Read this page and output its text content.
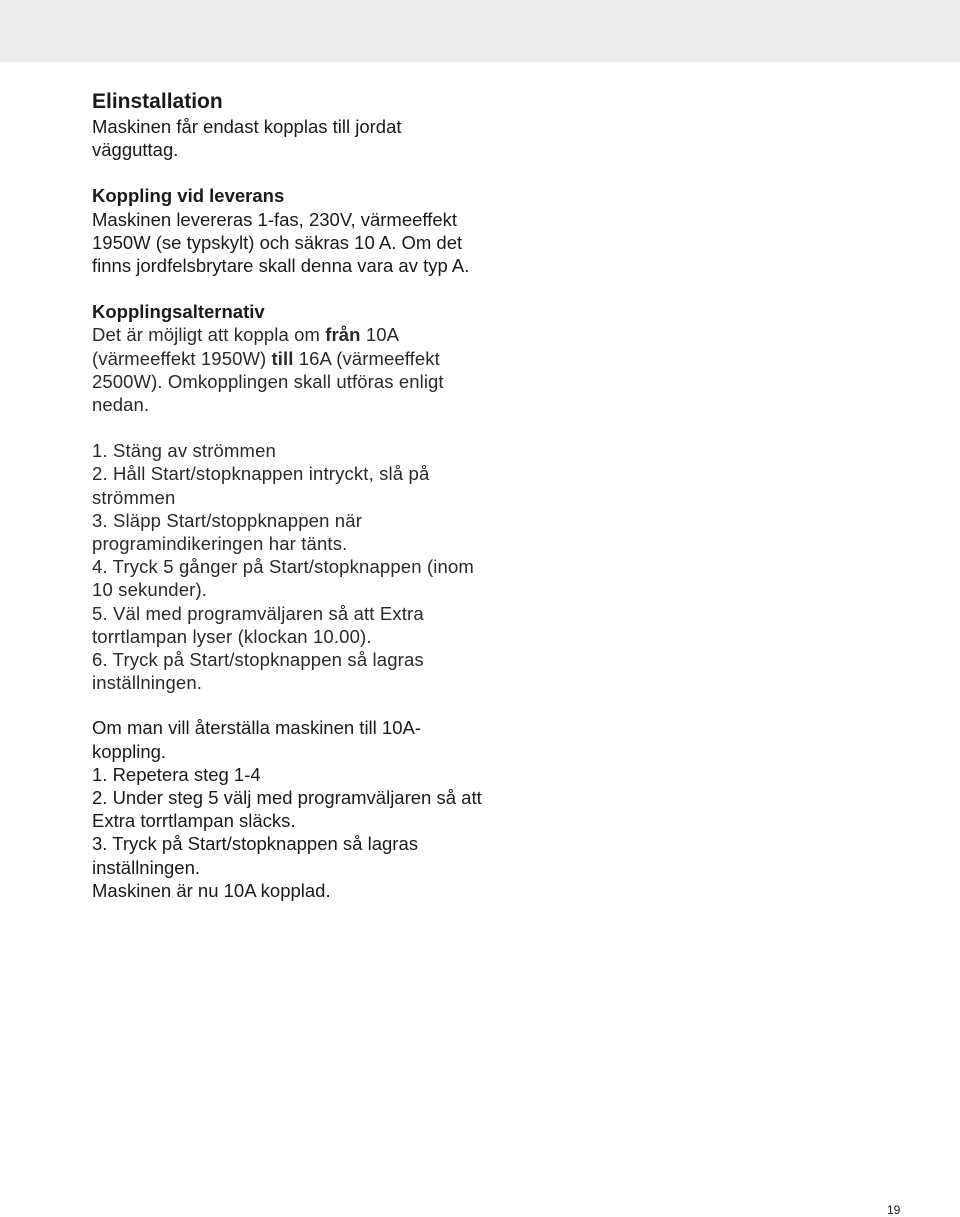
Elinstallation

Maskinen får endast kopplas till jordat vägguttag.

Koppling vid leverans

Maskinen levereras 1-fas, 230V, värmeeffekt 1950W (se typskylt) och säkras 10 A. Om det finns jordfelsbrytare skall denna vara av typ A.

Kopplingsalternativ

Det är möjligt att koppla om från 10A (värmeeffekt 1950W) till 16A (värmeeffekt 2500W). Omkopplingen skall utföras enligt nedan.

1. Stäng av strömmen

2. Håll Start/stopknappen intryckt, slå på strömmen

3. Släpp Start/stoppknappen när programindikeringen har tänts.

4. Tryck 5 gånger på Start/stopknappen (inom 10 sekunder).

5. Väl med programväljaren så att Extra torrtlampan lyser (klockan 10.00).

6. Tryck på Start/stopknappen så lagras inställningen.

Om man vill återställa maskinen till 10A-koppling.

1. Repetera steg 1-4

2. Under steg 5 välj med programväljaren så att Extra torrtlampan släcks.

3. Tryck på Start/stopknappen så lagras inställningen.

Maskinen är nu 10A kopplad.

19
